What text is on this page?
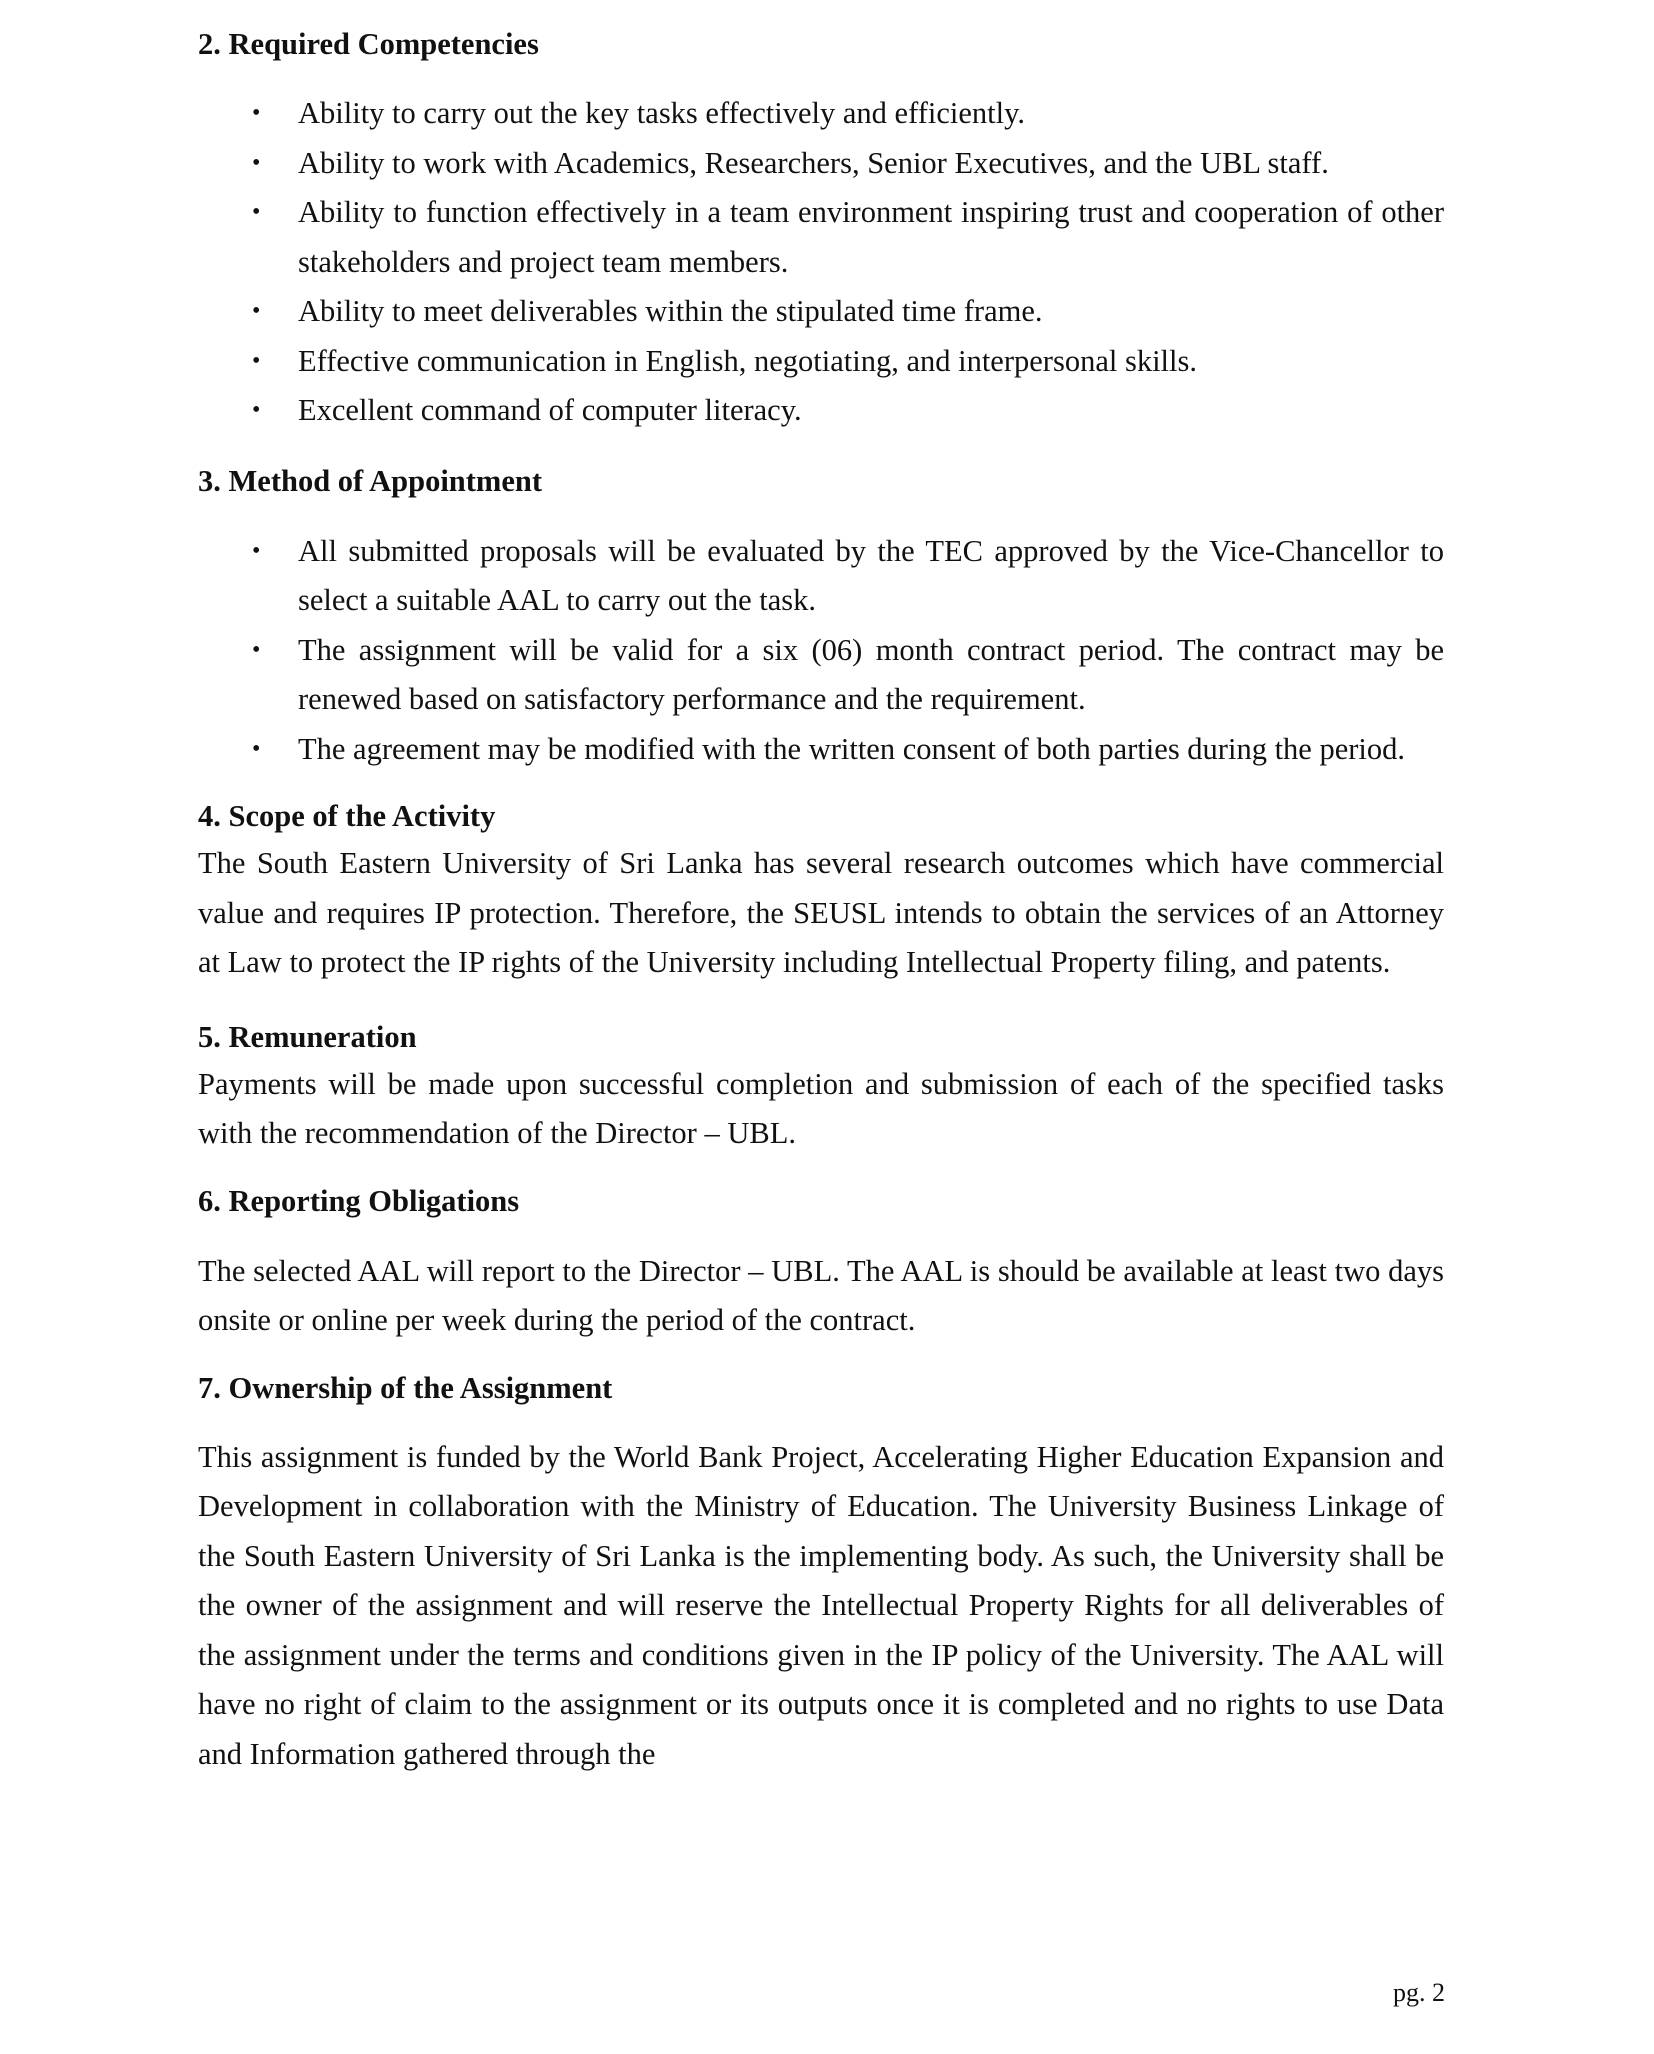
2. Required Competencies
• Ability to carry out the key tasks effectively and efficiently.
• Ability to work with Academics, Researchers, Senior Executives, and the UBL staff.
• Ability to function effectively in a team environment inspiring trust and cooperation of other stakeholders and project team members.
• Ability to meet deliverables within the stipulated time frame.
• Effective communication in English, negotiating, and interpersonal skills.
• Excellent command of computer literacy.
3. Method of Appointment
• All submitted proposals will be evaluated by the TEC approved by the Vice-Chancellor to select a suitable AAL to carry out the task.
• The assignment will be valid for a six (06) month contract period. The contract may be renewed based on satisfactory performance and the requirement.
• The agreement may be modified with the written consent of both parties during the period.
4. Scope of the Activity

The South Eastern University of Sri Lanka has several research outcomes which have commercial value and requires IP protection. Therefore, the SEUSL intends to obtain the services of an Attorney at Law to protect the IP rights of the University including Intellectual Property filing, and patents.

5. Remuneration

Payments will be made upon successful completion and submission of each of the specified tasks with the recommendation of the Director – UBL.

6. Reporting Obligations

The selected AAL will report to the Director – UBL. The AAL is should be available at least two days onsite or online per week during the period of the contract.

7. Ownership of the Assignment

This assignment is funded by the World Bank Project, Accelerating Higher Education Expansion and Development in collaboration with the Ministry of Education. The University Business Linkage of the South Eastern University of Sri Lanka is the implementing body. As such, the University shall be the owner of the assignment and will reserve the Intellectual Property Rights for all deliverables of the assignment under the terms and conditions given in the IP policy of the University. The AAL will have no right of claim to the assignment or its outputs once it is completed and no rights to use Data and Information gathered through the

pg. 2
